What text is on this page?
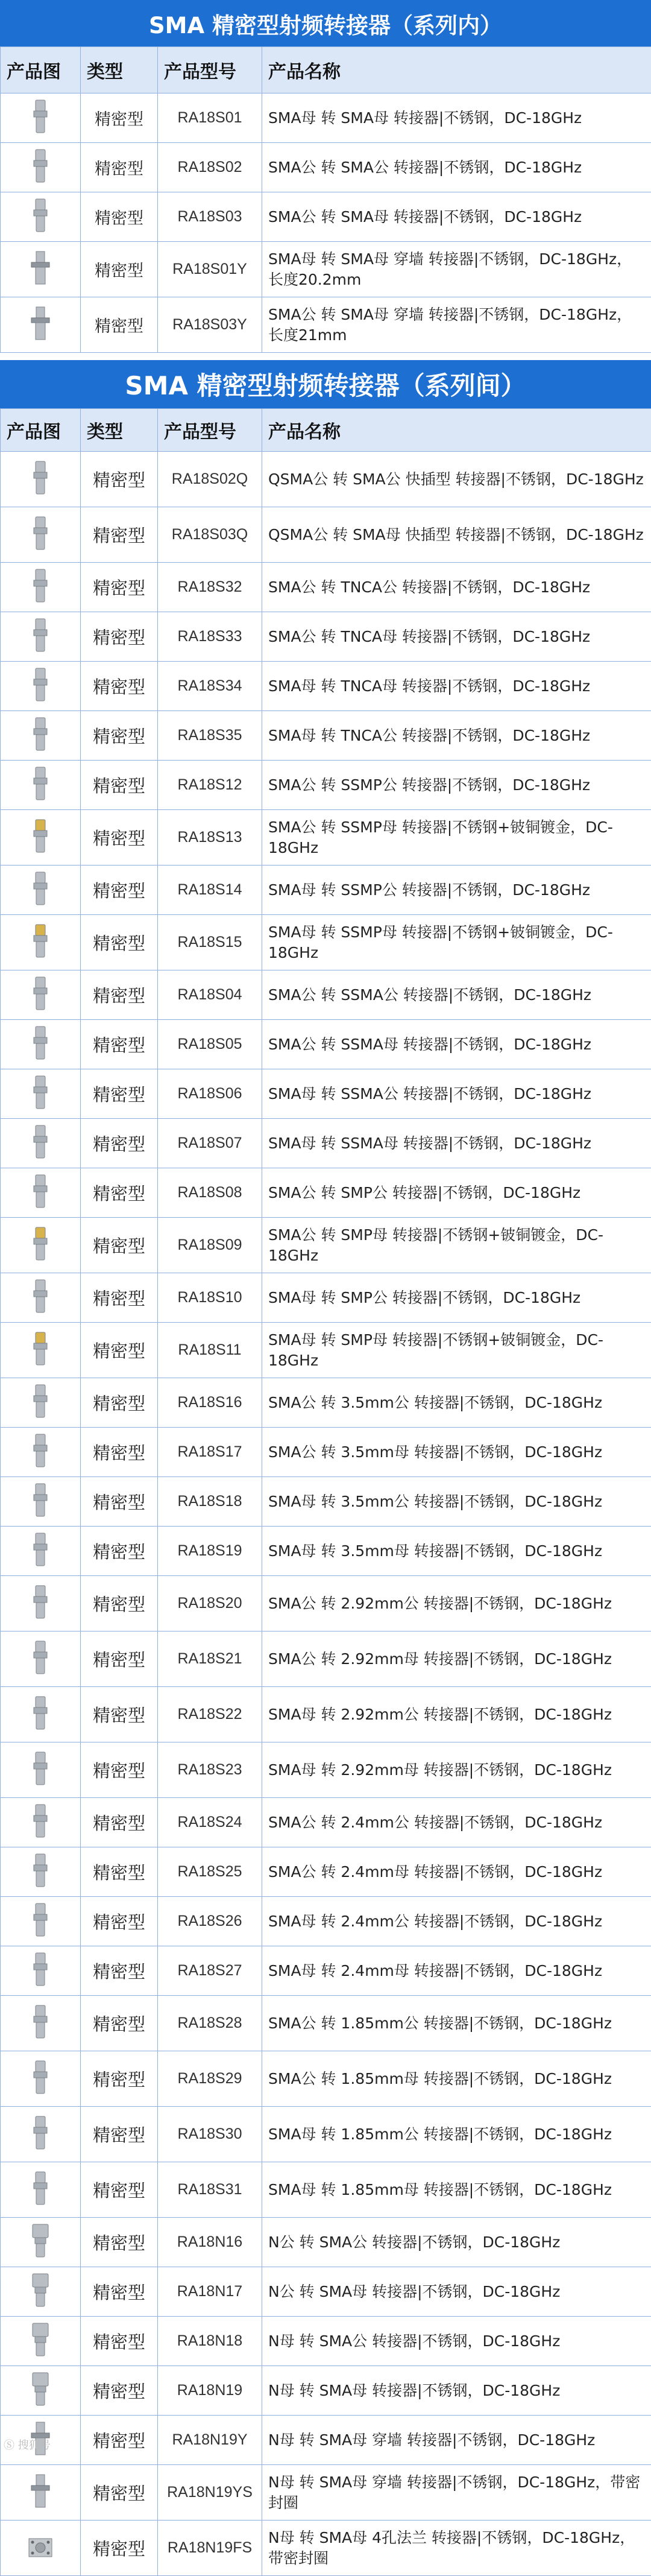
SMA 精密型射频转接器（系列内）
产品图	类型	产品型号	产品名称
	精密型	RA18S01	SMA母 转 SMA母 转接器|不锈钢，DC-18GHz
	精密型	RA18S02	SMA公 转 SMA公 转接器|不锈钢，DC-18GHz
	精密型	RA18S03	SMA公 转 SMA母 转接器|不锈钢，DC-18GHz
	精密型	RA18S01Y	SMA母 转 SMA母 穿墙 转接器|不锈钢，DC-18GHz，长度20.2mm
	精密型	RA18S03Y	SMA公 转 SMA母 穿墙 转接器|不锈钢，DC-18GHz，长度21mm
SMA 精密型射频转接器（系列间）
产品图	类型	产品型号	产品名称
	精密型	RA18S02Q	QSMA公 转 SMA公 快插型 转接器|不锈钢，DC-18GHz
	精密型	RA18S03Q	QSMA公 转 SMA母 快插型 转接器|不锈钢，DC-18GHz
	精密型	RA18S32	SMA公 转 TNCA公 转接器|不锈钢，DC-18GHz
	精密型	RA18S33	SMA公 转 TNCA母 转接器|不锈钢，DC-18GHz
	精密型	RA18S34	SMA母 转 TNCA母 转接器|不锈钢，DC-18GHz
	精密型	RA18S35	SMA母 转 TNCA公 转接器|不锈钢，DC-18GHz
	精密型	RA18S12	SMA公 转 SSMP公 转接器|不锈钢，DC-18GHz
	精密型	RA18S13	SMA公 转 SSMP母 转接器|不锈钢+铍铜镀金，DC-18GHz
	精密型	RA18S14	SMA母 转 SSMP公 转接器|不锈钢，DC-18GHz
	精密型	RA18S15	SMA母 转 SSMP母 转接器|不锈钢+铍铜镀金，DC-18GHz
	精密型	RA18S04	SMA公 转 SSMA公 转接器|不锈钢，DC-18GHz
	精密型	RA18S05	SMA公 转 SSMA母 转接器|不锈钢，DC-18GHz
	精密型	RA18S06	SMA母 转 SSMA公 转接器|不锈钢，DC-18GHz
	精密型	RA18S07	SMA母 转 SSMA母 转接器|不锈钢，DC-18GHz
	精密型	RA18S08	SMA公 转 SMP公 转接器|不锈钢，DC-18GHz
	精密型	RA18S09	SMA公 转 SMP母 转接器|不锈钢+铍铜镀金，DC-18GHz
	精密型	RA18S10	SMA母 转 SMP公 转接器|不锈钢，DC-18GHz
	精密型	RA18S11	SMA母 转 SMP母 转接器|不锈钢+铍铜镀金，DC-18GHz
	精密型	RA18S16	SMA公 转 3.5mm公 转接器|不锈钢，DC-18GHz
	精密型	RA18S17	SMA公 转 3.5mm母 转接器|不锈钢，DC-18GHz
	精密型	RA18S18	SMA母 转 3.5mm公 转接器|不锈钢，DC-18GHz
	精密型	RA18S19	SMA母 转 3.5mm母 转接器|不锈钢，DC-18GHz
	精密型	RA18S20	SMA公 转 2.92mm公 转接器|不锈钢，DC-18GHz
	精密型	RA18S21	SMA公 转 2.92mm母 转接器|不锈钢，DC-18GHz
	精密型	RA18S22	SMA母 转 2.92mm公 转接器|不锈钢，DC-18GHz
	精密型	RA18S23	SMA母 转 2.92mm母 转接器|不锈钢，DC-18GHz
	精密型	RA18S24	SMA公 转 2.4mm公 转接器|不锈钢，DC-18GHz
	精密型	RA18S25	SMA公 转 2.4mm母 转接器|不锈钢，DC-18GHz
	精密型	RA18S26	SMA母 转 2.4mm公 转接器|不锈钢，DC-18GHz
	精密型	RA18S27	SMA母 转 2.4mm母 转接器|不锈钢，DC-18GHz
	精密型	RA18S28	SMA公 转 1.85mm公 转接器|不锈钢，DC-18GHz
	精密型	RA18S29	SMA公 转 1.85mm母 转接器|不锈钢，DC-18GHz
	精密型	RA18S30	SMA母 转 1.85mm公 转接器|不锈钢，DC-18GHz
	精密型	RA18S31	SMA母 转 1.85mm母 转接器|不锈钢，DC-18GHz
	精密型	RA18N16	N公 转 SMA公 转接器|不锈钢，DC-18GHz
	精密型	RA18N17	N公 转 SMA母 转接器|不锈钢，DC-18GHz
	精密型	RA18N18	N母 转 SMA公 转接器|不锈钢，DC-18GHz
	精密型	RA18N19	N母 转 SMA母 转接器|不锈钢，DC-18GHz
	精密型	RA18N19Y	N母 转 SMA母 穿墙 转接器|不锈钢，DC-18GHz
	精密型	RA18N19YS	N母 转 SMA母 穿墙 转接器|不锈钢，DC-18GHz，带密封圈
	精密型	RA18N19FS	N母 转 SMA母 4孔法兰 转接器|不锈钢，DC-18GHz，带密封圈
Ⓢ 搜狐号
